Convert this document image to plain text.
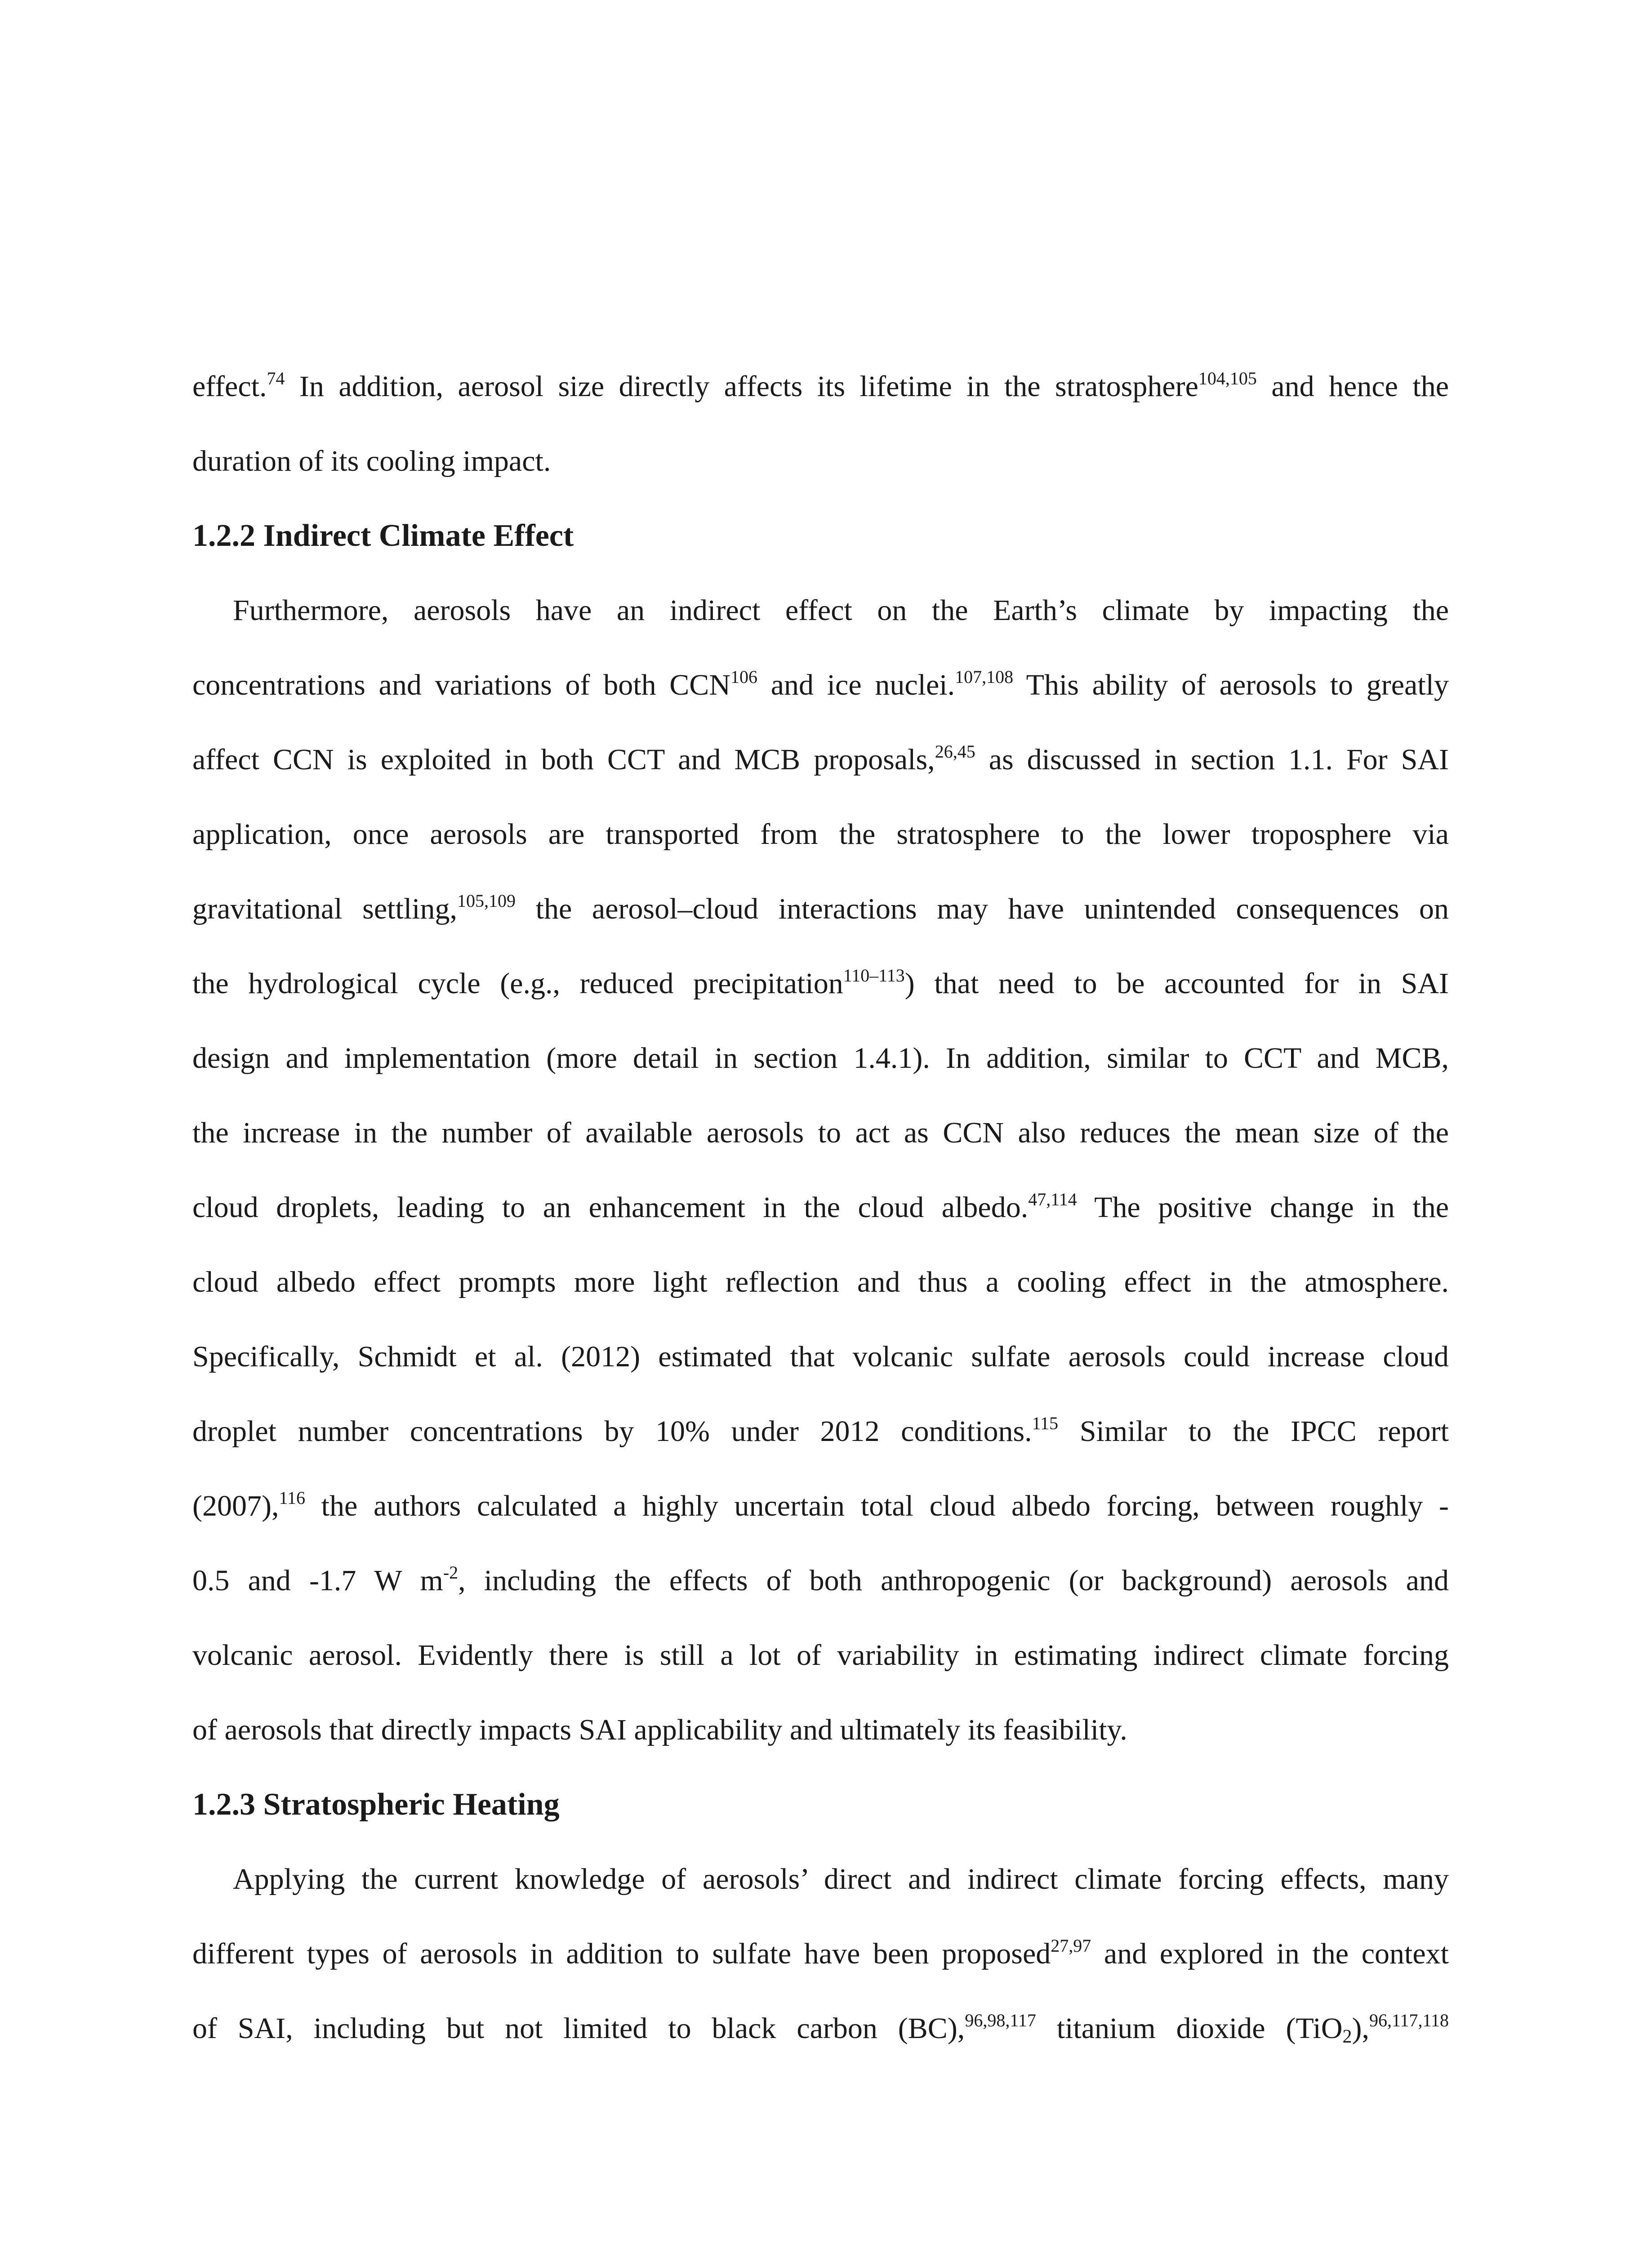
effect.$^{74}$ In addition, aerosol size directly affects its lifetime in the stratosphere$^{104,105}$ and hence the
duration of its cooling impact.
1.2.2 Indirect Climate Effect
Furthermore, aerosols have an indirect effect on the Earth’s climate by impacting the
concentrations and variations of both CCN$^{106}$ and ice nuclei.$^{107,108}$ This ability of aerosols to greatly
affect CCN is exploited in both CCT and MCB proposals,$^{26,45}$ as discussed in section 1.1. For SAI
application, once aerosols are transported from the stratosphere to the lower troposphere via
gravitational settling,$^{105,109}$ the aerosol–cloud interactions may have unintended consequences on
the hydrological cycle (e.g., reduced precipitation$^{110-113}$) that need to be accounted for in SAI
design and implementation (more detail in section 1.4.1). In addition, similar to CCT and MCB,
the increase in the number of available aerosols to act as CCN also reduces the mean size of the
cloud droplets, leading to an enhancement in the cloud albedo.$^{47,114}$ The positive change in the
cloud albedo effect prompts more light reflection and thus a cooling effect in the atmosphere.
Specifically, Schmidt et al. (2012) estimated that volcanic sulfate aerosols could increase cloud
droplet number concentrations by 10% under 2012 conditions.$^{115}$ Similar to the IPCC report
(2007),$^{116}$ the authors calculated a highly uncertain total cloud albedo forcing, between roughly -
0.5 and -1.7 W $m^{-2}$, including the effects of both anthropogenic (or background) aerosols and
volcanic aerosol. Evidently there is still a lot of variability in estimating indirect climate forcing
of aerosols that directly impacts SAI applicability and ultimately its feasibility.
1.2.3 Stratospheric Heating
Applying the current knowledge of aerosols’ direct and indirect climate forcing effects, many
different types of aerosols in addition to sulfate have been proposed$^{27,97}$ and explored in the context
of SAI, including but not limited to black carbon (BC),$^{96,98,117}$ titanium dioxide (TiO$_2$),$^{96,117,118}$
